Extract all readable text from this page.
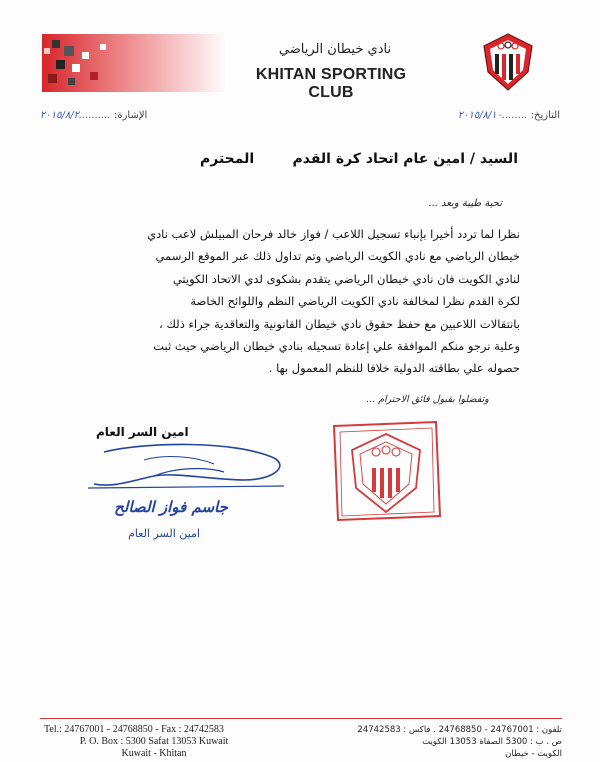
نادي خيطان الرياضي
KHITAN SPORTING CLUB
الإشارة: ..........٢٠١٥/٨/٢	التاريخ: ........٢٠١٥/٨/١٠
السيد / امين عام اتحاد كرة القدم
المحترم
تحية طيبة وبعد ...
نظرا لما تردد أخيرا بإنباء تسجيل اللاعب / فواز خالد فرحان المبيلش لاعب نادي
خيطان الرياضي مع نادي الكويت الرياضي وتم تداول ذلك عبر الموقع الرسمي
لنادي الكويت فان نادي خيطان الرياضي يتقدم بشكوى لدي الاتحاد الكويتي
لكرة القدم نظرا لمخالفة نادي الكويت الرياضي النظم واللوائح الخاصة
بانتقالات اللاعبين مع حفظ حقوق نادي خيطان القانونية والتعاقدية جراء ذلك ،
وعلية نرجو منكم الموافقة علي إعادة تسجيله بنادي خيطان الرياضي حيث ثبت
حصوله علي بطاقته الدولية خلافا للنظم المعمول بها .
وتفضلوا بقبول فائق الاحترام ...
امين السر العام
جاسم فواز الصالح
امين السر العام
Tel.: 24767001 - 24768850 - Fax : 24742583
P. O. Box : 5300 Safat 13053 Kuwait
Kuwait - Khitan
تلفون : 24767001 - 24768850 . فاكس : 24742583
ص . ب : 5300 الصفاة 13053 الكويت
الكويت - خيطان
